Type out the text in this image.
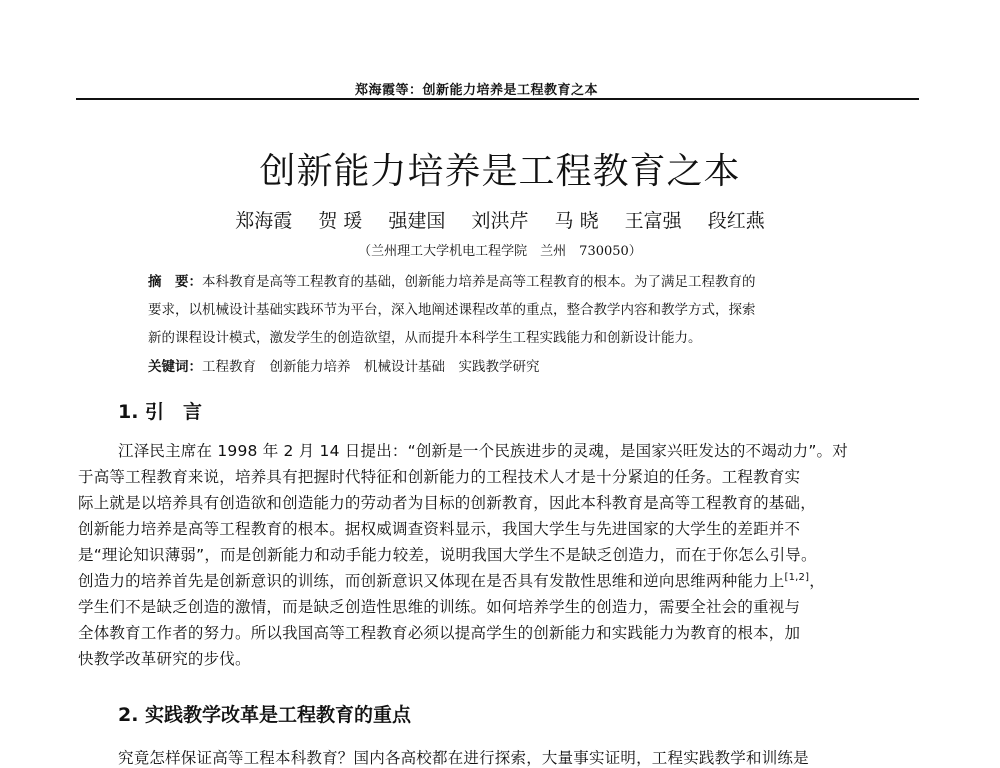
郑海霞等：创新能力培养是工程教育之本
创新能力培养是工程教育之本
郑海霞 贺 瑗 强建国 刘洪芹 马 晓 王富强 段红燕
（兰州理工大学机电工程学院　兰州　730050）
摘　要：本科教育是高等工程教育的基础，创新能力培养是高等工程教育的根本。为了满足工程教育的
要求，以机械设计基础实践环节为平台，深入地阐述课程改革的重点，整合教学内容和教学方式，探索
新的课程设计模式，激发学生的创造欲望，从而提升本科学生工程实践能力和创新设计能力。
关键词：工程教育　创新能力培养　机械设计基础　实践教学研究
1. 引　言
江泽民主席在 1998 年 2 月 14 日提出：“创新是一个民族进步的灵魂，是国家兴旺发达的不竭动力”。对
于高等工程教育来说，培养具有把握时代特征和创新能力的工程技术人才是十分紧迫的任务。工程教育实
际上就是以培养具有创造欲和创造能力的劳动者为目标的创新教育，因此本科教育是高等工程教育的基础，
创新能力培养是高等工程教育的根本。据权威调查资料显示，我国大学生与先进国家的大学生的差距并不
是“理论知识薄弱”，而是创新能力和动手能力较差，说明我国大学生不是缺乏创造力，而在于你怎么引导。
创造力的培养首先是创新意识的训练，而创新意识又体现在是否具有发散性思维和逆向思维两种能力上[1,2]，
学生们不是缺乏创造的激情，而是缺乏创造性思维的训练。如何培养学生的创造力，需要全社会的重视与
全体教育工作者的努力。所以我国高等工程教育必须以提高学生的创新能力和实践能力为教育的根本，加
快教学改革研究的步伐。
2. 实践教学改革是工程教育的重点
究竟怎样保证高等工程本科教育？国内各高校都在进行探索，大量事实证明，工程实践教学和训练是
